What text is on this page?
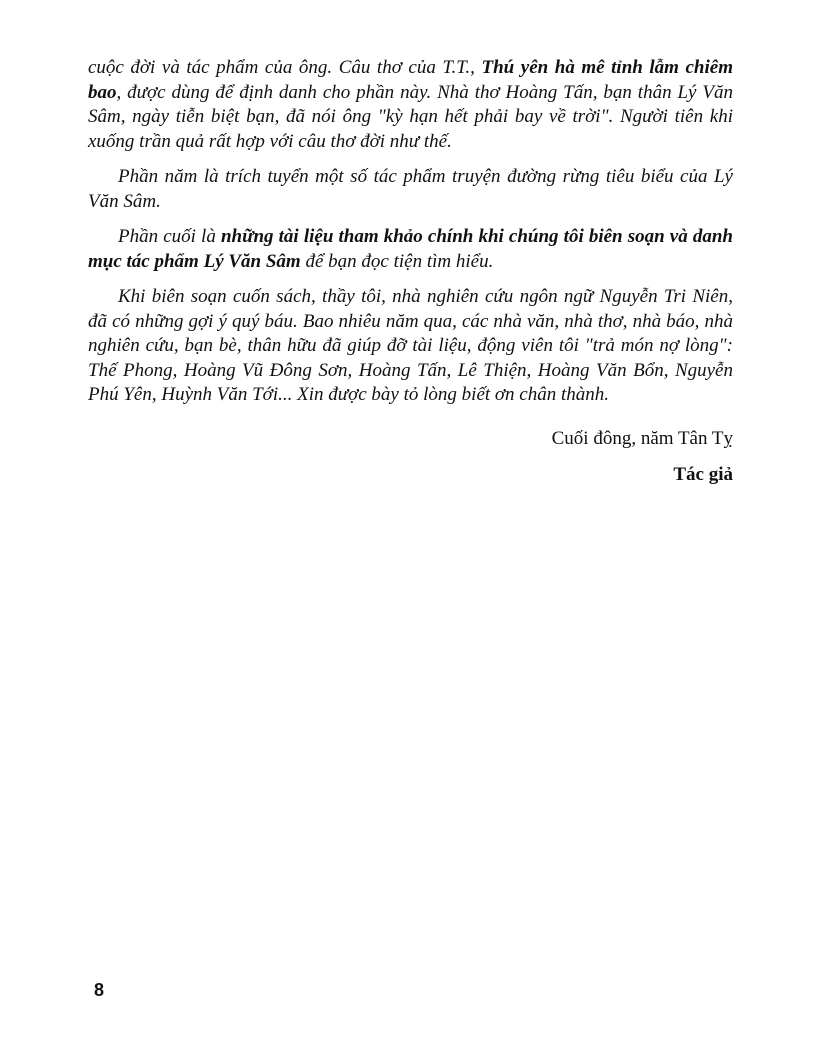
cuộc đời và tác phẩm của ông. Câu thơ của T.T., Thú yên hà mê tỉnh lẫm chiêm bao, được dùng để định danh cho phần này. Nhà thơ Hoàng Tấn, bạn thân Lý Văn Sâm, ngày tiễn biệt bạn, đã nói ông "kỳ hạn hết phải bay về trời". Người tiên khi xuống trần quả rất hợp với câu thơ đời như thế.

Phần năm là trích tuyển một số tác phẩm truyện đường rừng tiêu biểu của Lý Văn Sâm.

Phần cuối là những tài liệu tham khảo chính khi chúng tôi biên soạn và danh mục tác phẩm Lý Văn Sâm để bạn đọc tiện tìm hiểu.

Khi biên soạn cuốn sách, thầy tôi, nhà nghiên cứu ngôn ngữ Nguyễn Tri Niên, đã có những gợi ý quý báu. Bao nhiêu năm qua, các nhà văn, nhà thơ, nhà báo, nhà nghiên cứu, bạn bè, thân hữu đã giúp đỡ tài liệu, động viên tôi "trả món nợ lòng": Thế Phong, Hoàng Vũ Đông Sơn, Hoàng Tấn, Lê Thiện, Hoàng Văn Bổn, Nguyễn Phú Yên, Huỳnh Văn Tới... Xin được bày tỏ lòng biết ơn chân thành.

Cuối đông, năm Tân Tỵ
Tác giả
8
